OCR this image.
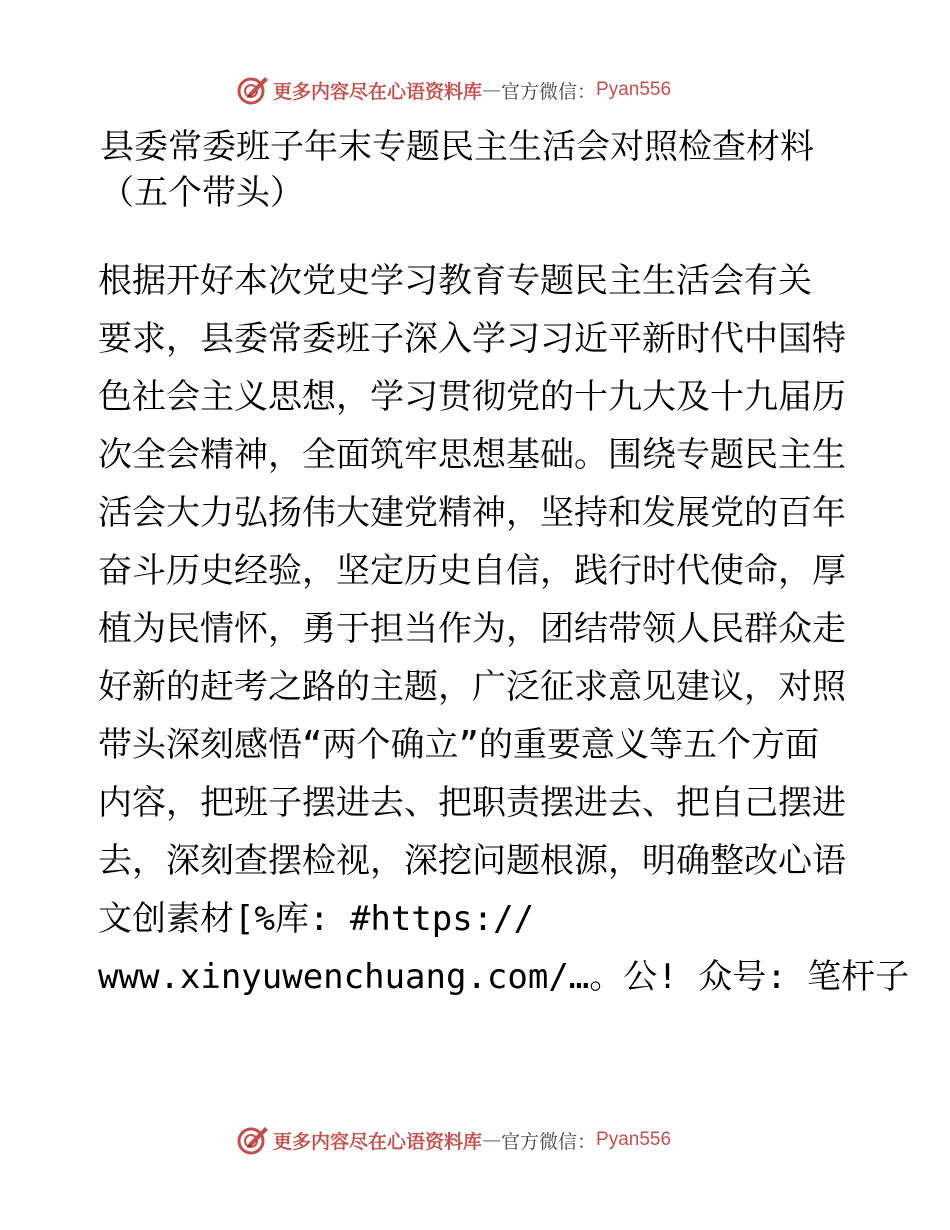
更多内容尽在心语资料库 — 官方微信： Pyan556
县委常委班子年末专题民主生活会对照检查材料
（五个带头）
根据开好本次党史学习教育专题民主生活会有关
要求，县委常委班子深入学习习近平新时代中国特
色社会主义思想，学习贯彻党的十九大及十九届历
次全会精神，全面筑牢思想基础。围绕专题民主生
活会大力弘扬伟大建党精神，坚持和发展党的百年
奋斗历史经验，坚定历史自信，践行时代使命，厚
植为民情怀，勇于担当作为，团结带领人民群众走
好新的赶考之路的主题，广泛征求意见建议，对照
带头深刻感悟“两个确立”的重要意义等五个方面
内容，把班子摆进去、把职责摆进去、把自己摆进
去，深刻查摆检视，深挖问题根源，明确整改心语
文创素材[%库: #https://
www.xinyuwenchuang.com/…。公! 众号: 笔杆子
更多内容尽在心语资料库 — 官方微信： Pyan556
